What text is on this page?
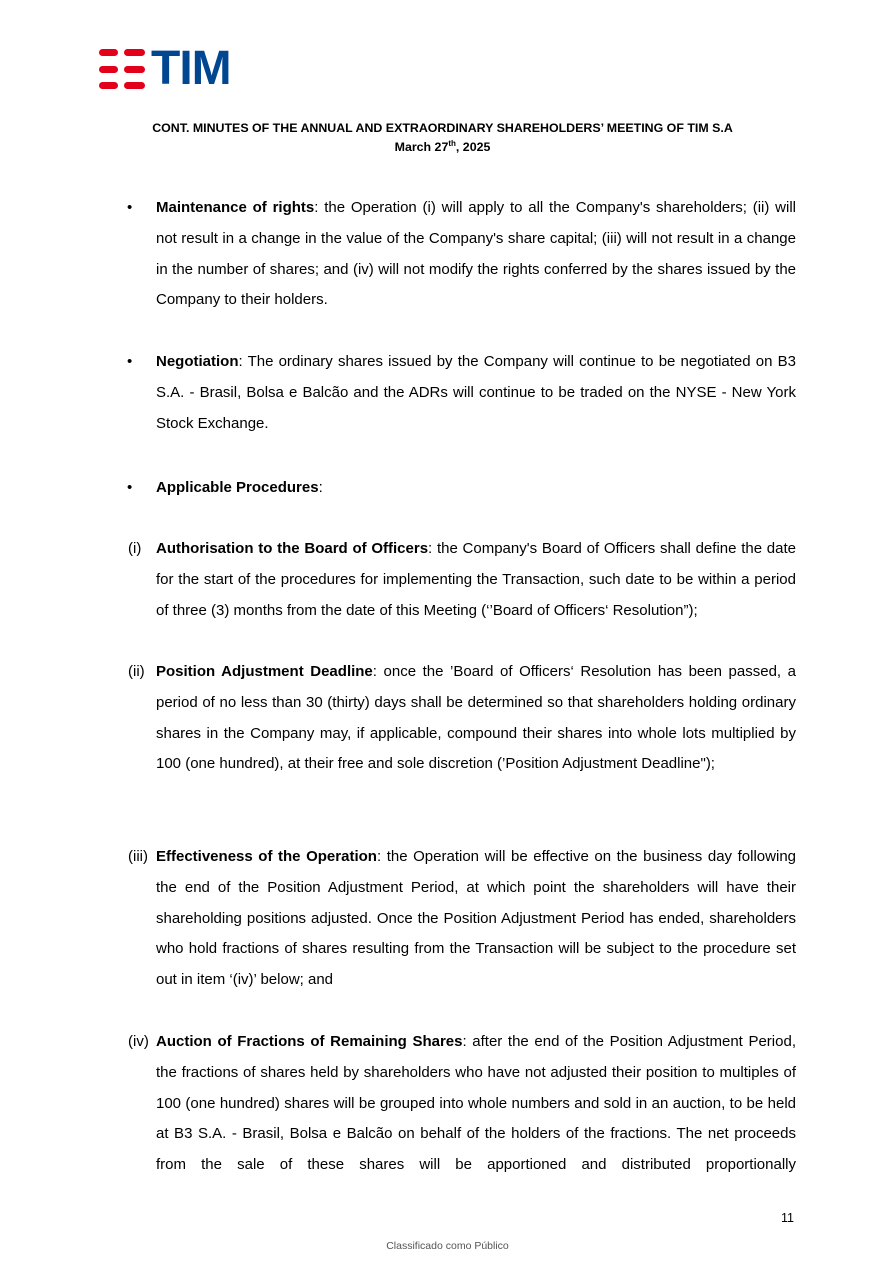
TIM
CONT. MINUTES OF THE ANNUAL AND EXTRAORDINARY SHAREHOLDERS’ MEETING OF TIM S.A
March 27th, 2025
• Maintenance of rights: the Operation (i) will apply to all the Company's shareholders; (ii) will not result in a change in the value of the Company's share capital; (iii) will not result in a change in the number of shares; and (iv) will not modify the rights conferred by the shares issued by the Company to their holders.
• Negotiation: The ordinary shares issued by the Company will continue to be negotiated on B3 S.A. - Brasil, Bolsa e Balcão and the ADRs will continue to be traded on the NYSE - New York Stock Exchange.
• Applicable Procedures:
(i) Authorisation to the Board of Officers: the Company's Board of Officers shall define the date for the start of the procedures for implementing the Transaction, such date to be within a period of three (3) months from the date of this Meeting (‘’Board of Officers‘ Resolution”);
(ii) Position Adjustment Deadline: once the ’Board of Officers‘ Resolution has been passed, a period of no less than 30 (thirty) days shall be determined so that shareholders holding ordinary shares in the Company may, if applicable, compound their shares into whole lots multiplied by 100 (one hundred), at their free and sole discretion (’Position Adjustment Deadline");
(iii) Effectiveness of the Operation: the Operation will be effective on the business day following the end of the Position Adjustment Period, at which point the shareholders will have their shareholding positions adjusted. Once the Position Adjustment Period has ended, shareholders who hold fractions of shares resulting from the Transaction will be subject to the procedure set out in item ‘(iv)’ below; and
(iv) Auction of Fractions of Remaining Shares: after the end of the Position Adjustment Period, the fractions of shares held by shareholders who have not adjusted their position to multiples of 100 (one hundred) shares will be grouped into whole numbers and sold in an auction, to be held at B3 S.A. - Brasil, Bolsa e Balcão on behalf of the holders of the fractions. The net proceeds from the sale of these shares will be apportioned and distributed proportionally
11
Classificado como Público
